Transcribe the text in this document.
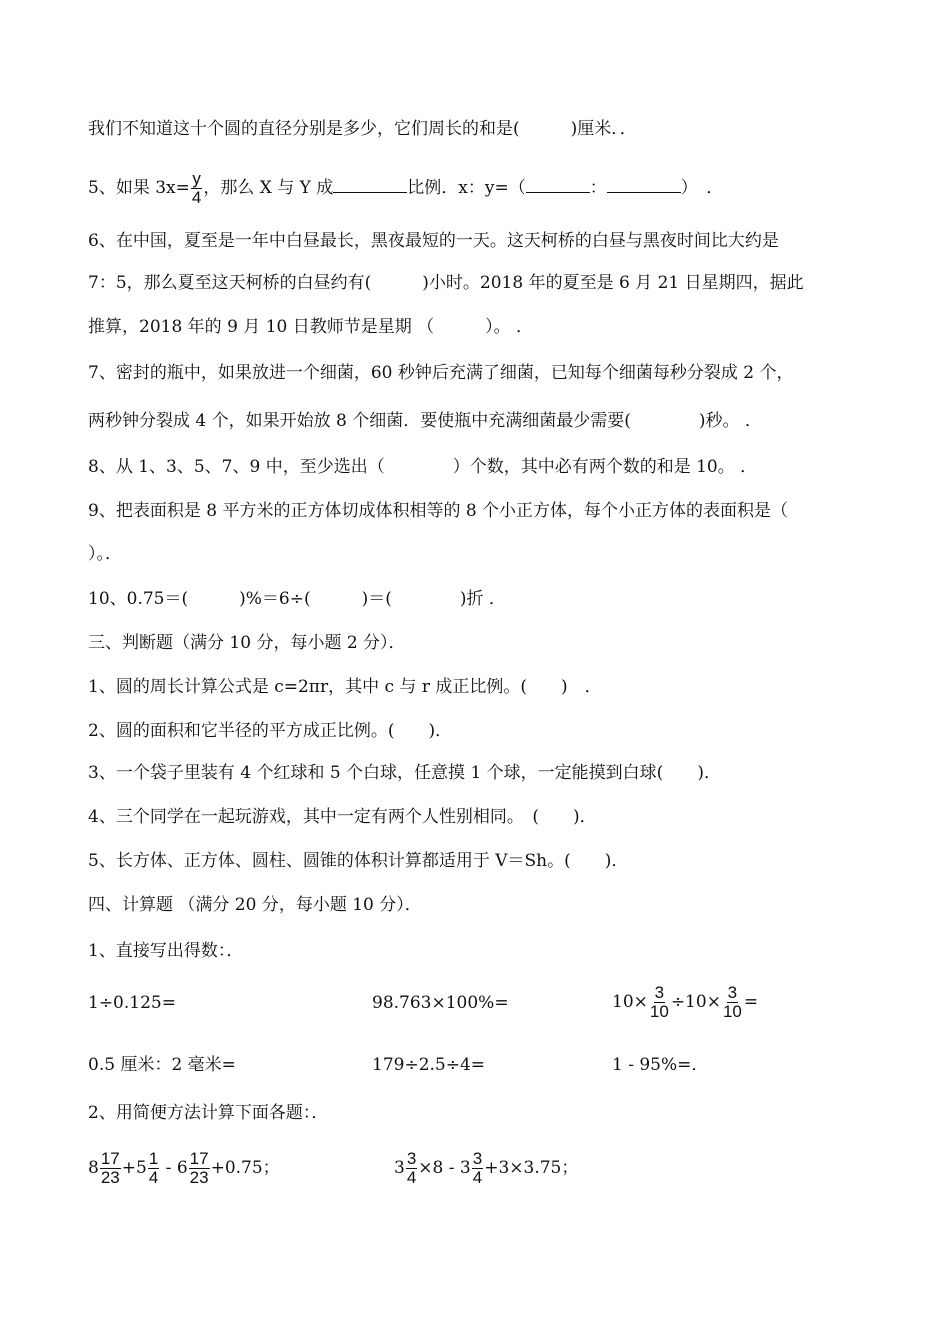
我们不知道这十个圆的直径分别是多少，它们周长的和是(　　　)厘米．．
5、如果 $3x= \frac{y}{4}$ ，那么 X 与 Y 成	比例．x：y=（	：	）　．
6、在中国，夏至是一年中白昼最长，黑夜最短的一天。这天柯桥的白昼与黑夜时间比大约是
7：5，那么夏至这天柯桥的白昼约有(　　　)小时。2018 年的夏至是 6 月 21 日星期四，据此
推算，2018 年的 9 月 10 日教师节是星期 （　　　）。 ．
7、密封的瓶中，如果放进一个细菌，60 秒钟后充满了细菌，已知每个细菌每秒分裂成 2 个，
两秒钟分裂成 4 个，如果开始放 8 个细菌．要使瓶中充满细菌最少需要(　　　　)秒。 ．
8、从 1、3、5、7、9 中，至少选出（　　　　）个数，其中必有两个数的和是 10。 ．
9、把表面积是 8 平方米的正方体切成体积相等的 8 个小正方体，每个小正方体的表面积是（
）。．
10、0.75＝(　　　)%＝6÷(　　　)＝(　　　　)折 ．
三、判断题（满分 10 分，每小题 2 分）．
1、圆的周长计算公式是 c=2πr，其中 c 与 r 成正比例。(　　)　．
2、圆的面积和它半径的平方成正比例。(　　)．
3、一个袋子里装有 4 个红球和 5 个白球，任意摸 1 个球，一定能摸到白球(　　)．
4、三个同学在一起玩游戏，其中一定有两个人性别相同。　(　　)．
5、长方体、正方体、圆柱、圆锥的体积计算都适用于 V＝Sh。(　　)．
四、计算题 （满分 20 分，每小题 10 分）．
1、直接写出得数：．
1÷0.125=	98.763×100%=	$10\times \frac{3}{10} \div 10\times \frac{3}{10}$ =
0.5 厘米：2 毫米=	179÷2.5÷4=	1 - 95%=．
2、用简便方法计算下面各题：．
$8 \frac{17}{23} +5 \frac{1}{4} - 6 \frac{17}{23} +0.75$；	$3 \frac{3}{4} \times 8 - 3 \frac{3}{4} +3\times 3.75$；
